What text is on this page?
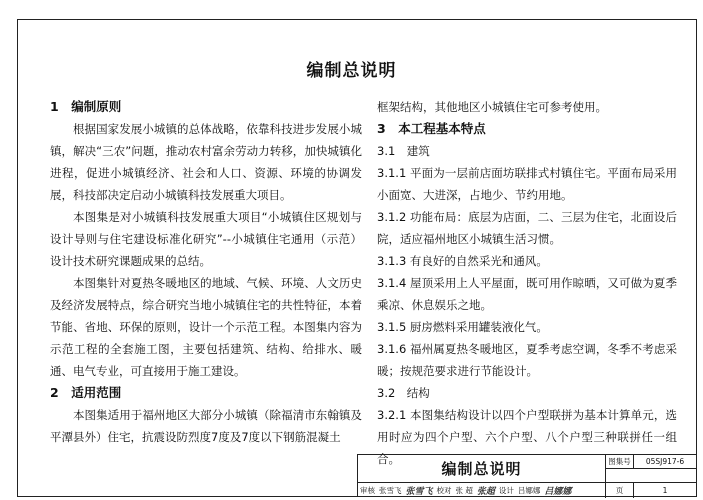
编制总说明
1　编制原则
根据国家发展小城镇的总体战略，依靠科技进步发展小城镇，解决“三农”问题，推动农村富余劳动力转移，加快城镇化进程，促进小城镇经济、社会和人口、资源、环境的协调发展，科技部决定启动小城镇科技发展重大项目。
本图集是对小城镇科技发展重大项目“小城镇住区规划与设计导则与住宅建设标准化研究”--小城镇住宅通用（示范）设计技术研究课题成果的总结。
本图集针对夏热冬暖地区的地域、气候、环境、人文历史及经济发展特点，综合研究当地小城镇住宅的共性特征，本着节能、省地、环保的原则，设计一个示范工程。本图集内容为示范工程的全套施工图，主要包括建筑、结构、给排水、暖通、电气专业，可直接用于施工建设。
2　适用范围
本图集适用于福州地区大部分小城镇（除福清市东翰镇及平潭县外）住宅，抗震设防烈度7度及7度以下钢筋混凝土
框架结构，其他地区小城镇住宅可参考使用。
3　本工程基本特点
3.1　建筑
3.1.1 平面为一层前店面坊联排式村镇住宅。平面布局采用小面宽、大进深，占地少、节约用地。
3.1.2 功能布局：底层为店面，二、三层为住宅，北面设后院，适应福州地区小城镇生活习惯。
3.1.3 有良好的自然采光和通风。
3.1.4 屋顶采用上人平屋面，既可用作晾晒，又可做为夏季乘凉、休息娱乐之地。
3.1.5 厨房燃料采用罐装液化气。
3.1.6 福州属夏热冬暖地区，夏季考虑空调，冬季不考虑采暖；按规范要求进行节能设计。
3.2　结构
3.2.1 本图集结构设计以四个户型联拼为基本计算单元，选用时应为四个户型、六个户型、八个户型三种联拼任一组合。
编制总说明	图集号	05SJ917-6
审核 张雪飞 张雪飞 校对 张 超 张超 设计 吕娜娜 吕娜娜	页	1
